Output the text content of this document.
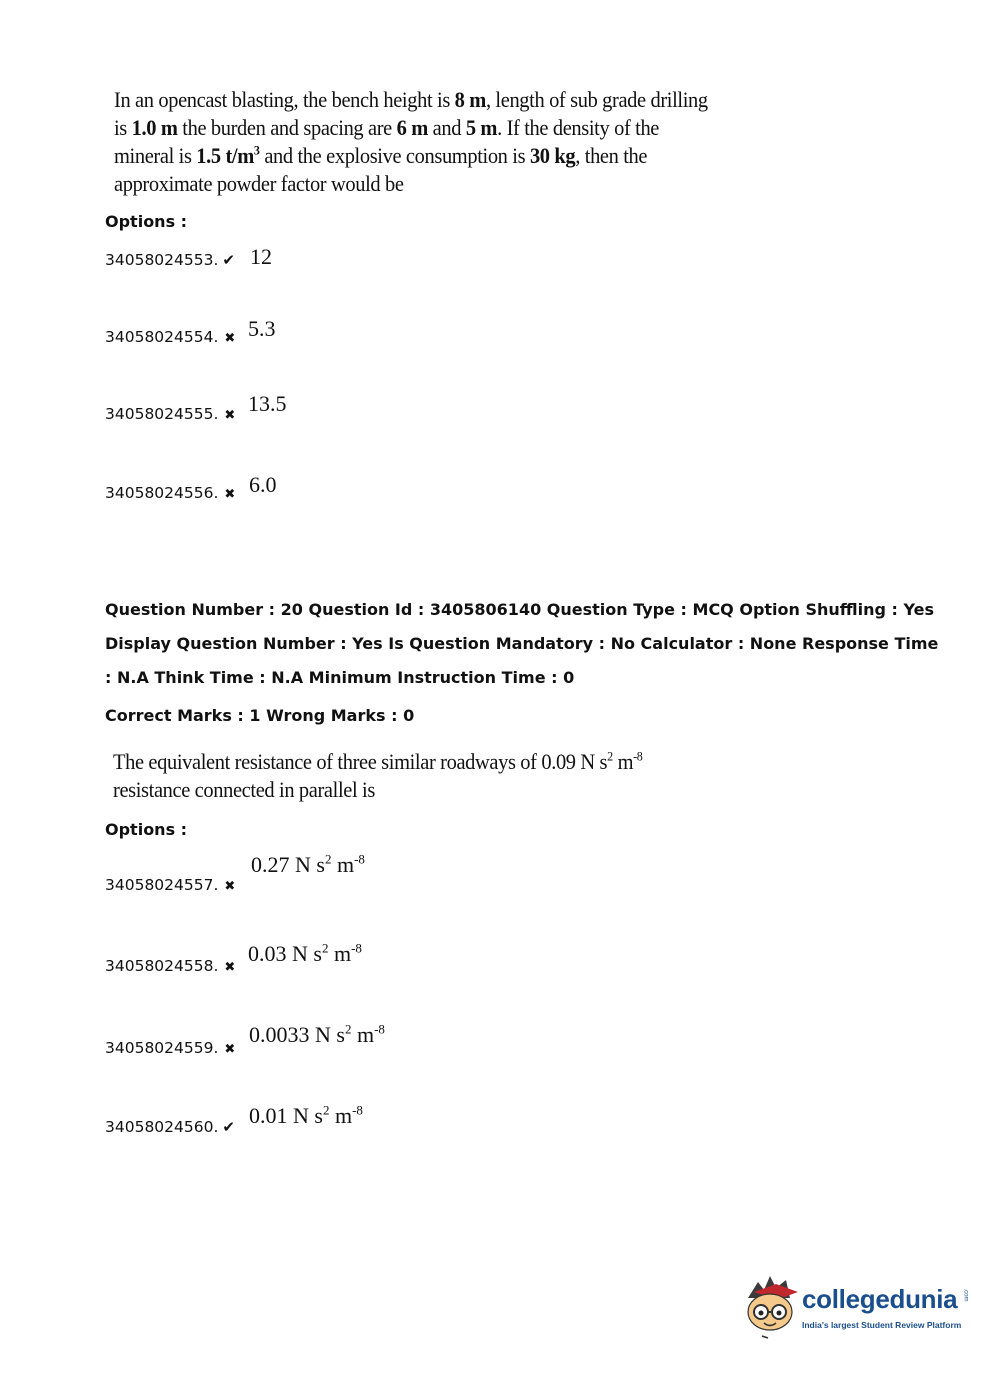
In an opencast blasting, the bench height is 8 m, length of sub grade drilling is 1.0 m the burden and spacing are 6 m and 5 m. If the density of the mineral is 1.5 $t/m^3$ and the explosive consumption is 30 kg, then the approximate powder factor would be
Options :
34058024553. ✔ 12
34058024554. ✖ 5.3
34058024555. ✖ 13.5
34058024556. ✖ 6.0
Question Number : 20 Question Id : 3405806140 Question Type : MCQ Option Shuffling : Yes
Display Question Number : Yes Is Question Mandatory : No Calculator : None Response Time
: N.A Think Time : N.A Minimum Instruction Time : 0
Correct Marks : 1 Wrong Marks : 0
The equivalent resistance of three similar roadways of 0.09 N $s^2$ $m^{-8}$
resistance connected in parallel is
Options :
34058024557. ✖
0.27 N $s^2$ $m^{-8}$
34058024558. ✖
0.03 N $s^2$ $m^{-8}$
34058024559. ✖
0.0033 N $s^2$ $m^{-8}$
34058024560. ✔ 0.01 N $s^2$ $m^{-8}$
collegedunia .com
India's largest Student Review Platform
